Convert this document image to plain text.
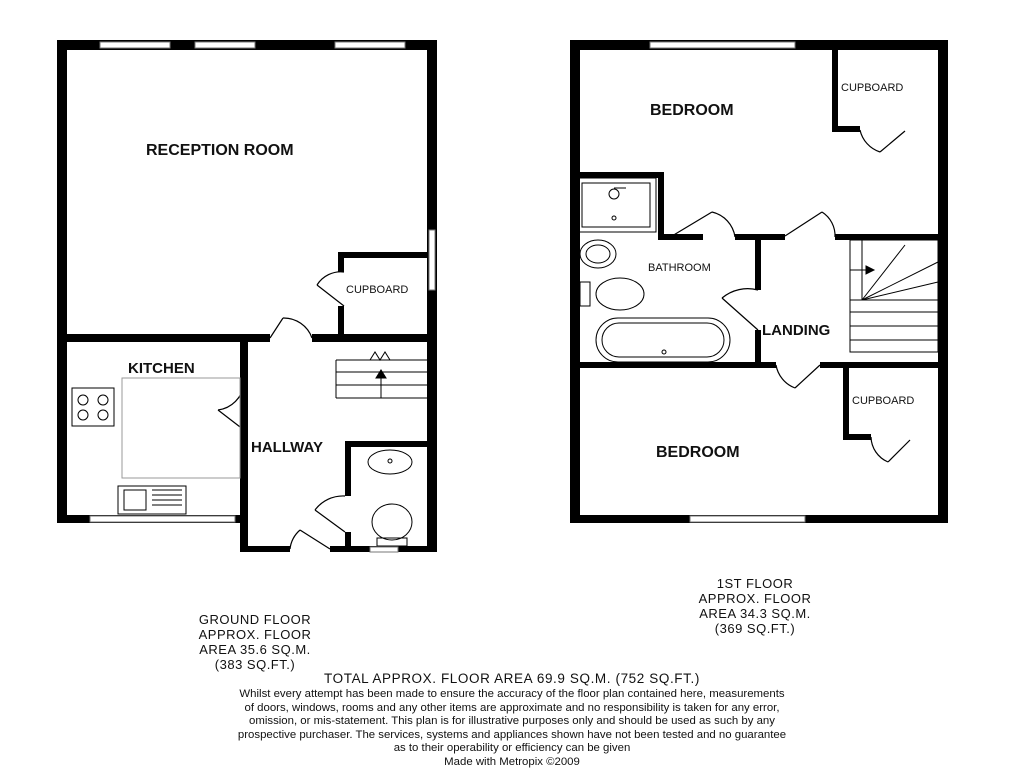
RECEPTION ROOM
KITCHEN
HALLWAY
CUPBOARD
BEDROOM
BEDROOM
BATHROOM
LANDING
CUPBOARD
CUPBOARD
GROUND FLOOR
APPROX. FLOOR
AREA 35.6 SQ.M.
(383 SQ.FT.)
1ST FLOOR
APPROX. FLOOR
AREA 34.3 SQ.M.
(369 SQ.FT.)
TOTAL APPROX. FLOOR AREA 69.9 SQ.M. (752 SQ.FT.)
Whilst every attempt has been made to ensure the accuracy of the floor plan contained here, measurements
of doors, windows, rooms and any other items are approximate and no responsibility is taken for any error,
omission, or mis-statement. This plan is for illustrative purposes only and should be used as such by any
prospective purchaser. The services, systems and appliances shown have not been tested and no guarantee
as to their operability or efficiency can be given
Made with Metropix ©2009
